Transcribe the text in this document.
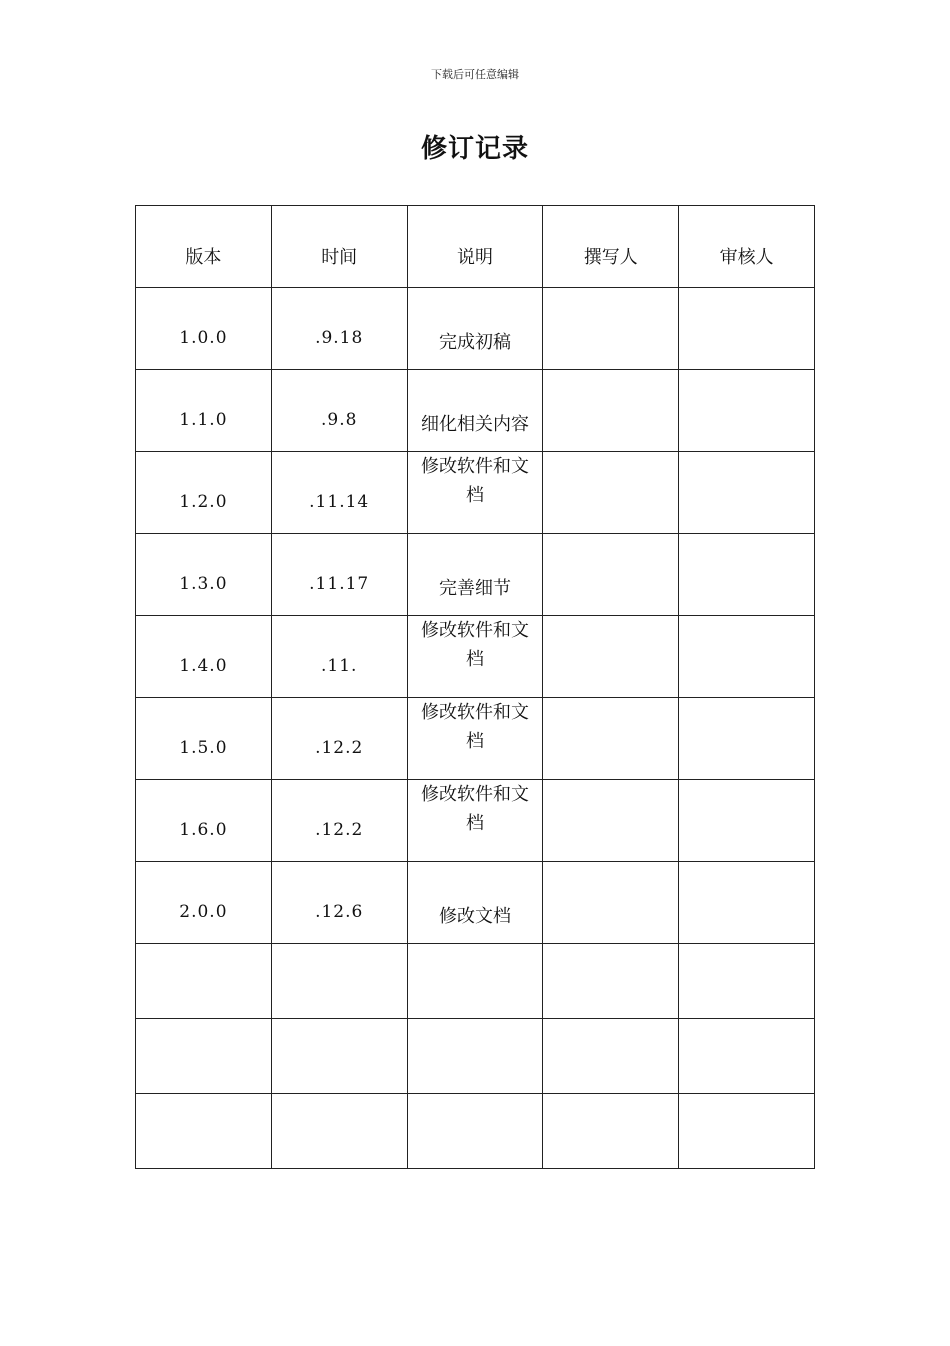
下载后可任意编辑
修订记录
版本	时间	说明	撰写人	审核人

1.0.0	.9.18	完成初稿		

1.1.0	.9.8	细化相关内容		

1.2.0	.11.14	修改软件和文档		

1.3.0	.11.17	完善细节		

1.4.0	.11.	修改软件和文档		

1.5.0	.12.2	修改软件和文档		

1.6.0	.12.2	修改软件和文档		

2.0.0	.12.6	修改文档		
